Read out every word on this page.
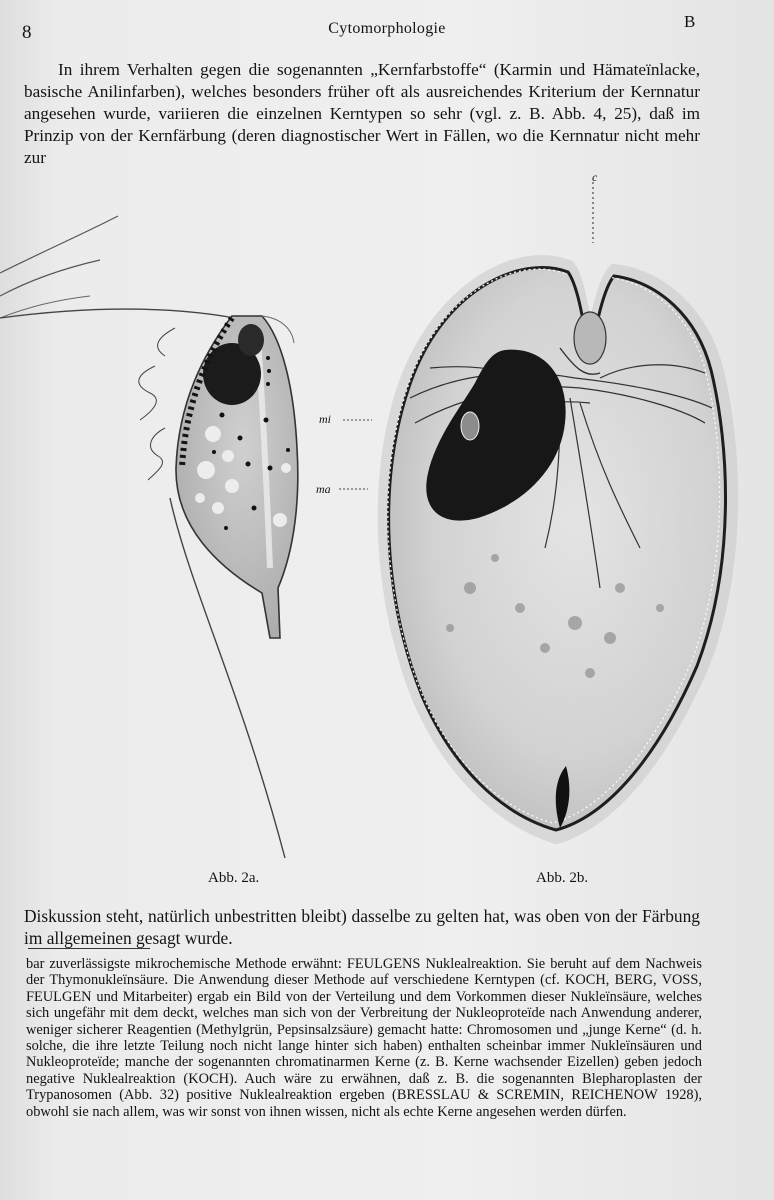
8	Cytomorphologie	B

In ihrem Verhalten gegen die sogenannten „Kernfarbstoffe“ (Karmin und Hämateïnlacke, basische Anilinfarben), welches besonders früher oft als ausreichendes Kriterium der Kernnatur angesehen wurde, variieren die einzelnen Kerntypen so sehr (vgl. z. B. Abb. 4, 25), daß im Prinzip von der Kernfärbung (deren diagnostischer Wert in Fällen, wo die Kernnatur nicht mehr zur

c
mi
ma
Abb. 2a.	Abb. 2b.

Diskussion steht, natürlich unbestritten bleibt) dasselbe zu gelten hat, was oben von der Färbung im allgemeinen gesagt wurde.

bar zuverlässigste mikrochemische Methode erwähnt: FEULGENS Nuklealreaktion. Sie beruht auf dem Nachweis der Thymonukleïnsäure. Die Anwendung dieser Methode auf verschiedene Kerntypen (cf. KOCH, BERG, VOSS, FEULGEN und Mitarbeiter) ergab ein Bild von der Verteilung und dem Vorkommen dieser Nukleïnsäure, welches sich ungefähr mit dem deckt, welches man sich von der Verbreitung der Nukleoproteïde nach Anwendung anderer, weniger sicherer Reagentien (Methylgrün, Pepsinsalzsäure) gemacht hatte: Chromosomen und „junge Kerne“ (d. h. solche, die ihre letzte Teilung noch nicht lange hinter sich haben) enthalten scheinbar immer Nukleïnsäuren und Nukleoproteïde; manche der sogenannten chromatinarmen Kerne (z. B. Kerne wachsender Eizellen) geben jedoch negative Nuklealreaktion (KOCH). Auch wäre zu erwähnen, daß z. B. die sogenannten Blepharoplasten der Trypanosomen (Abb. 32) positive Nuklealreaktion ergeben (BRESSLAU & SCREMIN, REICHENOW 1928), obwohl sie nach allem, was wir sonst von ihnen wissen, nicht als echte Kerne angesehen werden dürfen.
